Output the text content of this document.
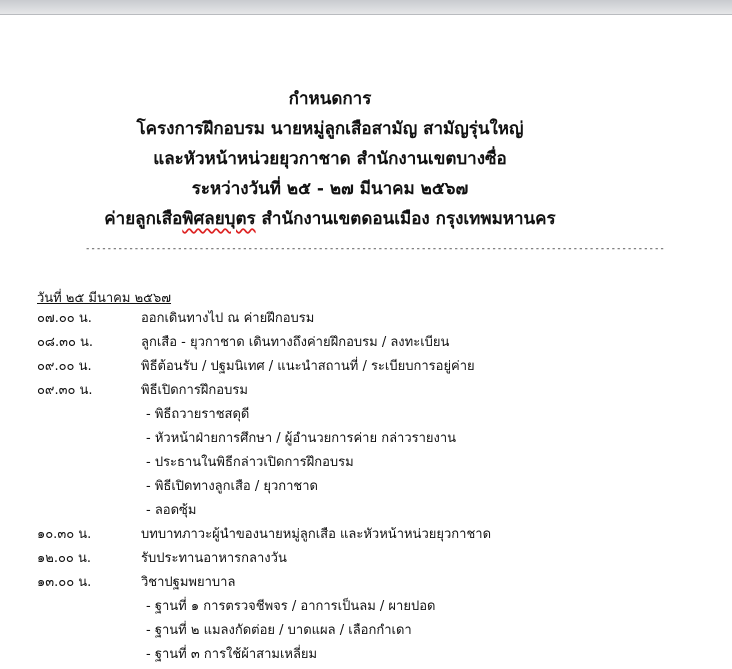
กำหนดการ
โครงการฝึกอบรม นายหมู่ลูกเสือสามัญ สามัญรุ่นใหญ่
และหัวหน้าหน่วยยุวกาชาด สำนักงานเขตบางซื่อ
ระหว่างวันที่ ๒๕ - ๒๗ มีนาคม ๒๕๖๗
ค่ายลูกเสือพิศลยบุตร สำนักงานเขตดอนเมือง กรุงเทพมหานคร
-----------------------------------------------------------------------------------------------------------
วันที่ ๒๕ มีนาคม ๒๕๖๗
๐๗.๐๐ น.	ออกเดินทางไป ณ ค่ายฝึกอบรม
๐๘.๓๐ น.	ลูกเสือ - ยุวกาชาด เดินทางถึงค่ายฝึกอบรม / ลงทะเบียน
๐๙.๐๐ น.	พิธีต้อนรับ / ปฐมนิเทศ / แนะนำสถานที่ / ระเบียบการอยู่ค่าย
๐๙.๓๐ น.	พิธีเปิดการฝึกอบรม
- พิธีถวายราชสดุดี
- หัวหน้าฝ่ายการศึกษา / ผู้อำนวยการค่าย กล่าวรายงาน
- ประธานในพิธีกล่าวเปิดการฝึกอบรม
- พิธีเปิดทางลูกเสือ / ยุวกาชาด
- ลอดซุ้ม
๑๐.๓๐ น.	บทบาทภาวะผู้นำของนายหมู่ลูกเสือ และหัวหน้าหน่วยยุวกาชาด
๑๒.๐๐ น.	รับประทานอาหารกลางวัน
๑๓.๐๐ น.	วิชาปฐมพยาบาล
- ฐานที่ ๑ การตรวจชีพจร / อาการเป็นลม / ผายปอด
- ฐานที่ ๒ แมลงกัดต่อย / บาดแผล / เลือกกำเดา
- ฐานที่ ๓ การใช้ผ้าสามเหลี่ยม
